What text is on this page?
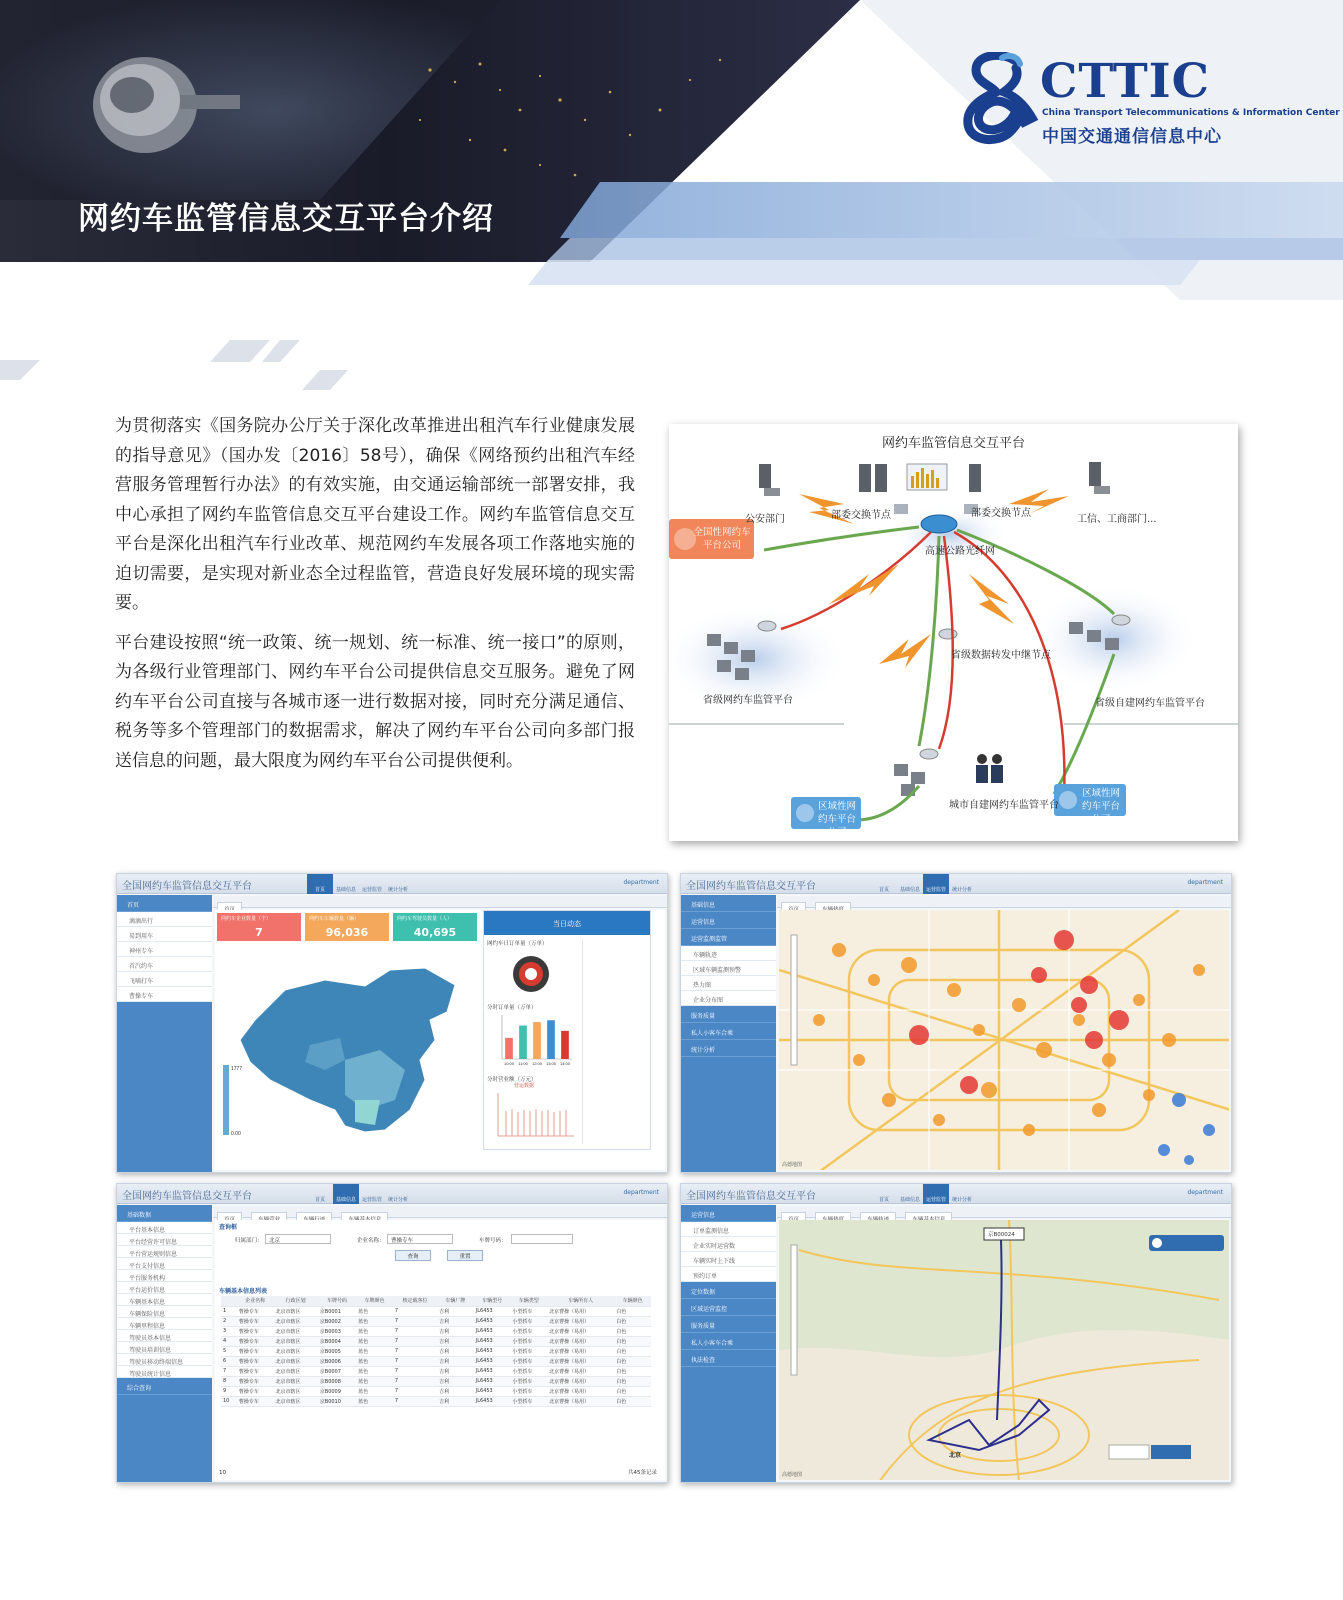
网约车监管信息交互平台介绍
CTTIC
China Transport Telecommunications & Information Center
中国交通通信信息中心

为贯彻落实《国务院办公厅关于深化改革推进出租汽车行业健康发展的指导意见》（国办发〔2016〕58号），确保《网络预约出租汽车经营服务管理暂行办法》的有效实施，由交通运输部统一部署安排，我中心承担了网约车监管信息交互平台建设工作。网约车监管信息交互平台是深化出租汽车行业改革、规范网约车发展各项工作落地实施的迫切需要，是实现对新业态全过程监管，营造良好发展环境的现实需要。

平台建设按照“统一政策、统一规划、统一标准、统一接口”的原则，为各级行业管理部门、网约车平台公司提供信息交互服务。避免了网约车平台公司直接与各城市逐一进行数据对接，同时充分满足通信、税务等多个管理部门的数据需求，解决了网约车平台公司向多部门报送信息的问题，最大限度为网约车平台公司提供便利。

网约车监管信息交互平台
公安部门	部委交换节点	部委交换节点
工信、工商部门...
全国性网约车平台公司
高速公路光纤网
省级数据转发中继节点
省级网约车监管平台	省级自建网约车监管平台
区域性网约车平台公司
区域性网约车平台公司
城市自建网约车监管平台
全国网约车监管信息交互平台	首页	基础信息	运营监管	统计分析
department
首页
滴滴出行
易到用车
神州专车
首汽约车
飞嘀打车
曹操专车
网约车企业数量（个）
7
网约车车辆数量（辆）
96,036
网约车驾驶员数量（人）
40,695
1777
0.00
当日动态
网约车日订单量（万单）
分时订单量（万单）
10:00 11:00 12:00 13:00 14:00
分时营业额（万元）
营运数据
全国网约车监管信息交互平台	首页	基础信息	运营监管	统计分析
department
基础信息
运营信息
运营监测监管
车辆轨迹
区域车辆监测预警
热力图
企业分布图
服务质量
私人小客车合乘
统计分析

高德地图
全国网约车监管信息交互平台	首页	基础信息	运营监管	统计分析
department
基础数据
平台基本信息
平台经营许可信息
平台营运规则信息
平台支付信息
平台服务机构
平台运价信息
车辆基本信息
车辆保险信息
车辆里程信息
驾驶员基本信息
驾驶员培训信息
驾驶员移动终端信息
驾驶员统计信息
综合查询

查询框
归属部门：	北京	企业名称：	曹操专车	车牌号码：
查询	重置
车辆基本信息列表
	企业名称	行政区划	车牌号码	车牌颜色	核定载客位	车辆厂牌	车辆型号	车辆类型	车辆所有人	车辆颜色
1	曹操专车	北京市辖区	京B0001	蓝色	7	吉利	JL6453	小型轿车	北京曹操（易用）	白色
2	曹操专车	北京市辖区	京B0002	蓝色	7	吉利	JL6453	小型轿车	北京曹操（易用）	白色
3	曹操专车	北京市辖区	京B0003	蓝色	7	吉利	JL6453	小型轿车	北京曹操（易用）	白色
4	曹操专车	北京市辖区	京B0004	蓝色	7	吉利	JL6453	小型轿车	北京曹操（易用）	白色
5	曹操专车	北京市辖区	京B0005	蓝色	7	吉利	JL6453	小型轿车	北京曹操（易用）	白色
6	曹操专车	北京市辖区	京B0006	蓝色	7	吉利	JL6453	小型轿车	北京曹操（易用）	白色
7	曹操专车	北京市辖区	京B0007	蓝色	7	吉利	JL6453	小型轿车	北京曹操（易用）	白色
8	曹操专车	北京市辖区	京B0008	蓝色	7	吉利	JL6453	小型轿车	北京曹操（易用）	白色
9	曹操专车	北京市辖区	京B0009	蓝色	7	吉利	JL6453	小型轿车	北京曹操（易用）	白色
10	曹操专车	北京市辖区	京B0010	蓝色	7	吉利	JL6453	小型轿车	北京曹操（易用）	白色
10	共45条记录
全国网约车监管信息交互平台	首页	基础信息	运营监管	统计分析
department
运营信息
订单监测信息
企业实时运营数
车辆实时上下线
预约订单
定位数据
区域运营监控
服务质量
私人小客车合乘
执法检查

京B00024
北京
高德地图
